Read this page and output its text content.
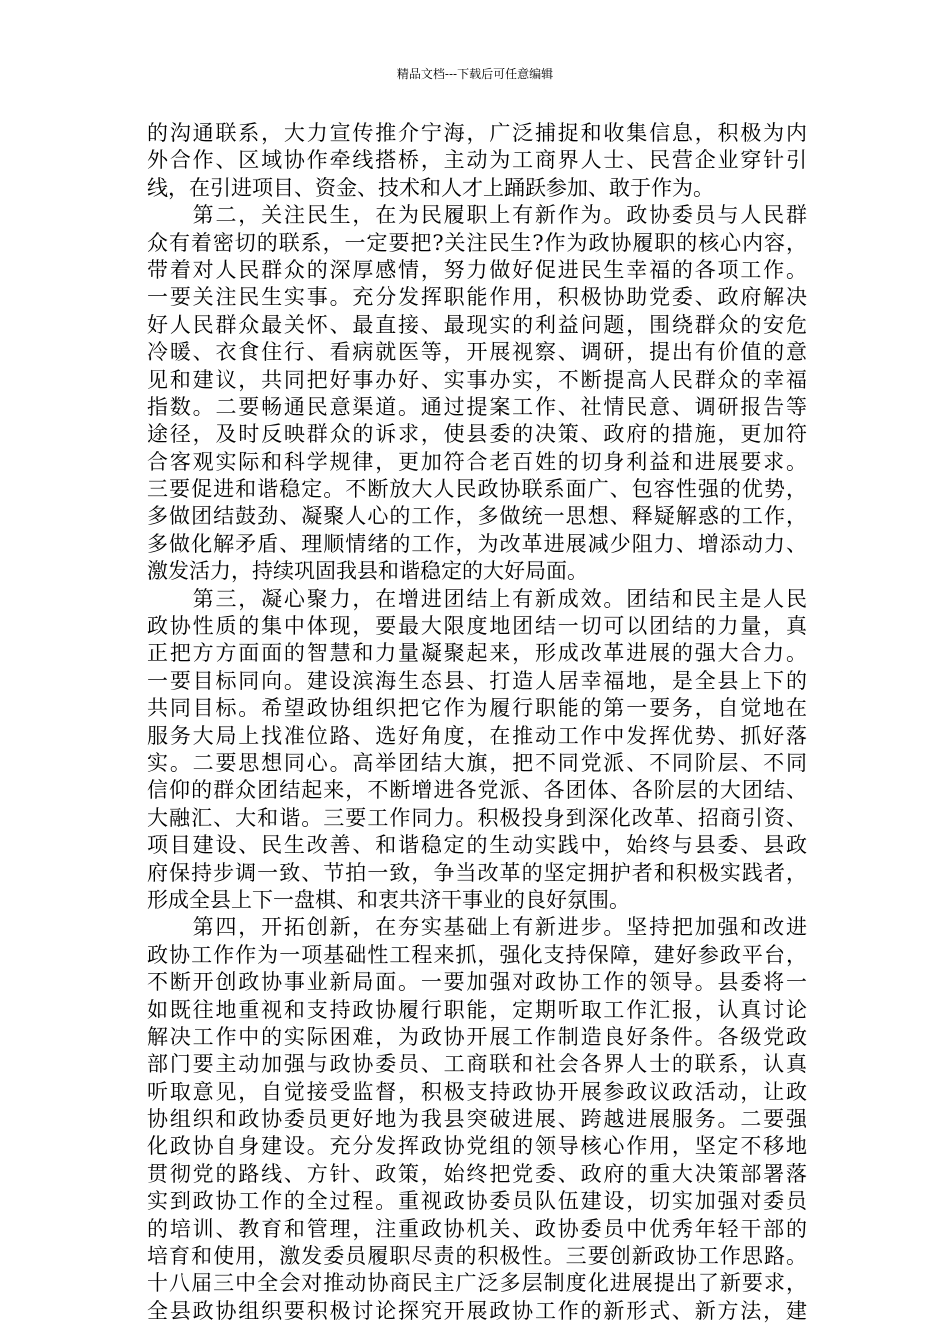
精品文档---下载后可任意编辑
的沟通联系，大力宣传推介宁海，广泛捕捉和收集信息，积极为内
外合作、区域协作牵线搭桥，主动为工商界人士、民营企业穿针引
线，在引进项目、资金、技术和人才上踊跃参加、敢于作为。
　　第二，关注民生，在为民履职上有新作为。政协委员与人民群
众有着密切的联系，一定要把?关注民生?作为政协履职的核心内容，
带着对人民群众的深厚感情，努力做好促进民生幸福的各项工作。
一要关注民生实事。充分发挥职能作用，积极协助党委、政府解决
好人民群众最关怀、最直接、最现实的利益问题，围绕群众的安危
冷暖、衣食住行、看病就医等，开展视察、调研，提出有价值的意
见和建议，共同把好事办好、实事办实，不断提高人民群众的幸福
指数。二要畅通民意渠道。通过提案工作、社情民意、调研报告等
途径，及时反映群众的诉求，使县委的决策、政府的措施，更加符
合客观实际和科学规律，更加符合老百姓的切身利益和进展要求。
三要促进和谐稳定。不断放大人民政协联系面广、包容性强的优势，
多做团结鼓劲、凝聚人心的工作，多做统一思想、释疑解惑的工作，
多做化解矛盾、理顺情绪的工作，为改革进展减少阻力、增添动力、
激发活力，持续巩固我县和谐稳定的大好局面。
　　第三，凝心聚力，在增进团结上有新成效。团结和民主是人民
政协性质的集中体现，要最大限度地团结一切可以团结的力量，真
正把方方面面的智慧和力量凝聚起来，形成改革进展的强大合力。
一要目标同向。建设滨海生态县、打造人居幸福地，是全县上下的
共同目标。希望政协组织把它作为履行职能的第一要务，自觉地在
服务大局上找准位路、选好角度，在推动工作中发挥优势、抓好落
实。二要思想同心。高举团结大旗，把不同党派、不同阶层、不同
信仰的群众团结起来，不断增进各党派、各团体、各阶层的大团结、
大融汇、大和谐。三要工作同力。积极投身到深化改革、招商引资、
项目建设、民生改善、和谐稳定的生动实践中，始终与县委、县政
府保持步调一致、节拍一致，争当改革的坚定拥护者和积极实践者，
形成全县上下一盘棋、和衷共济干事业的良好氛围。
　　第四，开拓创新，在夯实基础上有新进步。坚持把加强和改进
政协工作作为一项基础性工程来抓，强化支持保障，建好参政平台，
不断开创政协事业新局面。一要加强对政协工作的领导。县委将一
如既往地重视和支持政协履行职能，定期听取工作汇报，认真讨论
解决工作中的实际困难，为政协开展工作制造良好条件。各级党政
部门要主动加强与政协委员、工商联和社会各界人士的联系，认真
听取意见，自觉接受监督，积极支持政协开展参政议政活动，让政
协组织和政协委员更好地为我县突破进展、跨越进展服务。二要强
化政协自身建设。充分发挥政协党组的领导核心作用，坚定不移地
贯彻党的路线、方针、政策，始终把党委、政府的重大决策部署落
实到政协工作的全过程。重视政协委员队伍建设，切实加强对委员
的培训、教育和管理，注重政协机关、政协委员中优秀年轻干部的
培育和使用，激发委员履职尽责的积极性。三要创新政协工作思路。
十八届三中全会对推动协商民主广泛多层制度化进展提出了新要求，
全县政协组织要积极讨论探究开展政协工作的新形式、新方法，建
